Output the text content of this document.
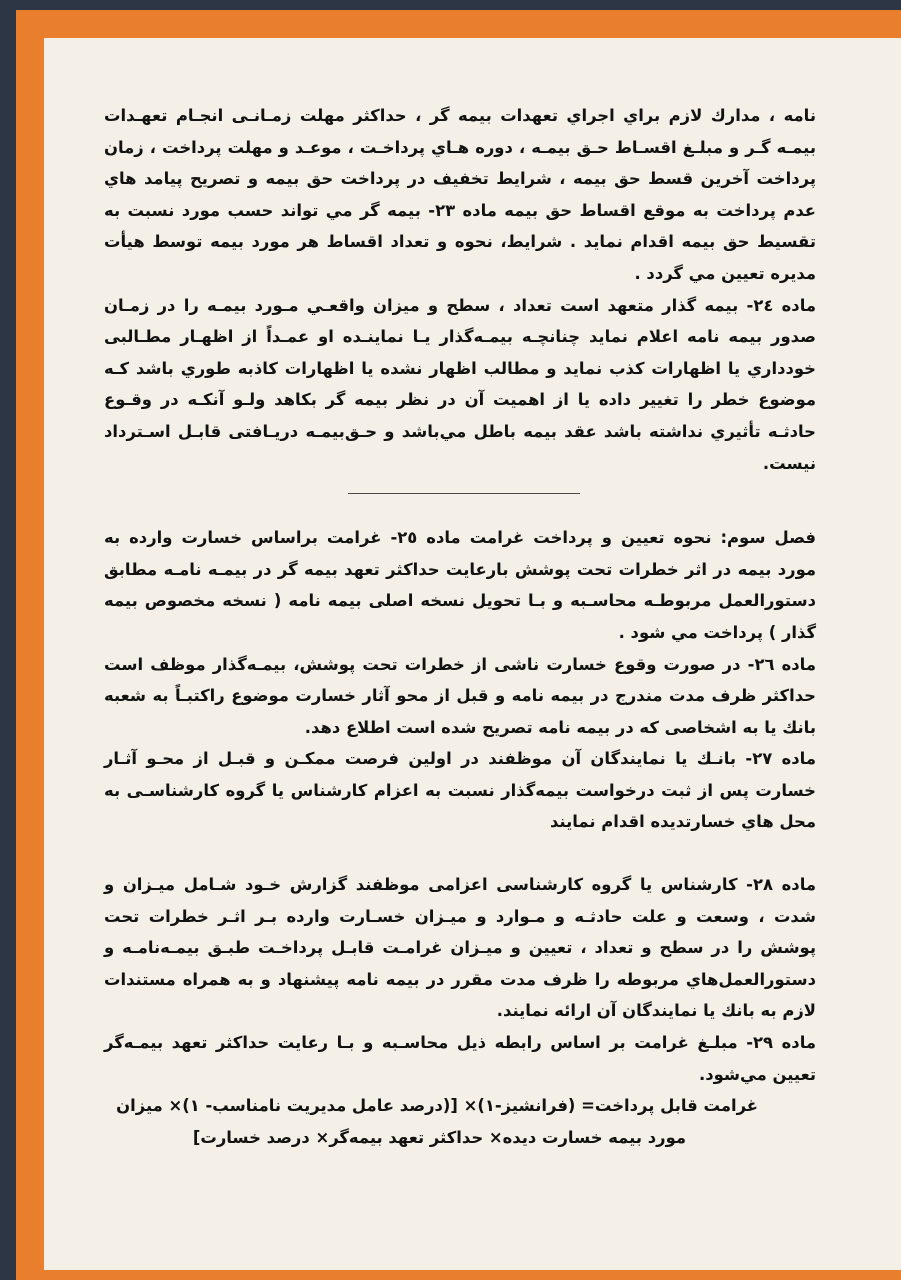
نامه ، مدارك لازم براي اجراي تعهدات بيمه گر ، حداكثر مهلت زمـانـی انجـام تعهـدات بيمـه گـر و مبلـغ اقسـاط حـق بيمـه ، دوره هـاي پرداخـت ، موعـد و مهلت پرداخت ، زمان پرداخت آخرين قسط حق بيمه ، شرايط تخفيف در پرداخت حق بيمه و تصريح پيامد هاي عدم پرداخت به موقع اقساط حق بيمه ماده ۲۳- بيمه گر مي تواند حسب مورد نسبت به تقسيط حق بيمه اقدام نمايد . شرايط، نحوه و تعداد اقساط هر مورد بيمه توسط هيأت مديره تعيين مي گردد .

ماده ۲٤- بيمه گذار متعهد است تعداد ، سطح و ميزان واقعـي مـورد بيمـه را در زمـان صدور بيمه نامه اعلام نمايد چنانچـه بيمـه‌گذار يـا نماينـده او عمـداً از اظهـار مطـالبی خودداري يا اظهارات كذب نمايد و مطالب اظهار نشده يا اظهارات كاذبه طوري باشد كـه موضوع خطر را تغيير داده يا از اهميت آن در نظر بيمه گر بكاهد ولـو آنكـه در وقـوع حادثـه تأثيري نداشته باشد عقد بيمه باطل مي‌باشد و حـق‌بيمـه دريـافتی قابـل اسـترداد نيست.

فصل سوم: نحوه تعيين و پرداخت غرامت ماده ۲٥- غرامت براساس خسارت وارده به مورد بيمه در اثر خطرات تحت پوشش بارعايت حداكثر تعهد بيمه گر در بيمـه نامـه مطابق دستورالعمل مربوطـه محاسـبه و بـا تحويل نسخه اصلی بيمه نامه ( نسخه مخصوص بيمه گذار ) پرداخت مي شود .

ماده ۲٦- در صورت وقوع خسارت ناشی از خطرات تحت پوشش، بيمـه‌گذار موظف است حداكثر ظرف مدت مندرج در بيمه نامه و قبل از محو آثار خسارت موضوع راكتبـاً به شعبه بانك يا به اشخاصی كه در بيمه نامه تصريح شده است اطلاع دهد.

ماده ۲۷- بانـك يا نمايندگان آن موظفند در اولين فرصت ممكـن و قبـل از محـو آثـار خسارت پس از ثبت درخواست بيمه‌گذار نسبت به اعزام كارشناس يا گروه كارشناسـی به محل هاي خسارتديده اقدام نمايند

ماده ۲۸- كارشناس يا گروه كارشناسی اعزامی موظفند گزارش خـود شـامل ميـزان و شدت ، وسعت و علت حادثـه و مـوارد و ميـزان خسـارت وارده بـر اثـر خطرات تحت پوشش را در سطح و تعداد ، تعيين و ميـزان غرامـت قابـل پرداخـت طبـق بيمـه‌نامـه و دستورالعمل‌هاي مربوطه را ظرف مدت مقرر در بيمه نامه پيشنهاد و به همراه مستندات لازم به بانك يا نمايندگان آن ارائه نمايند.

ماده ۲۹- مبلـغ غرامت بر اساس رابطه ذيل محاسـبه و بـا رعايت حداكثر تعهد بيمـه‌گر تعيين مي‌شود.

غرامت قابل پرداخت= (فرانشيز-۱)× [(درصد عامل مديريت نامناسب- ۱)× ميزان

مورد بيمه خسارت ديده× حداكثر تعهد بيمه‌گر× درصد خسارت]
